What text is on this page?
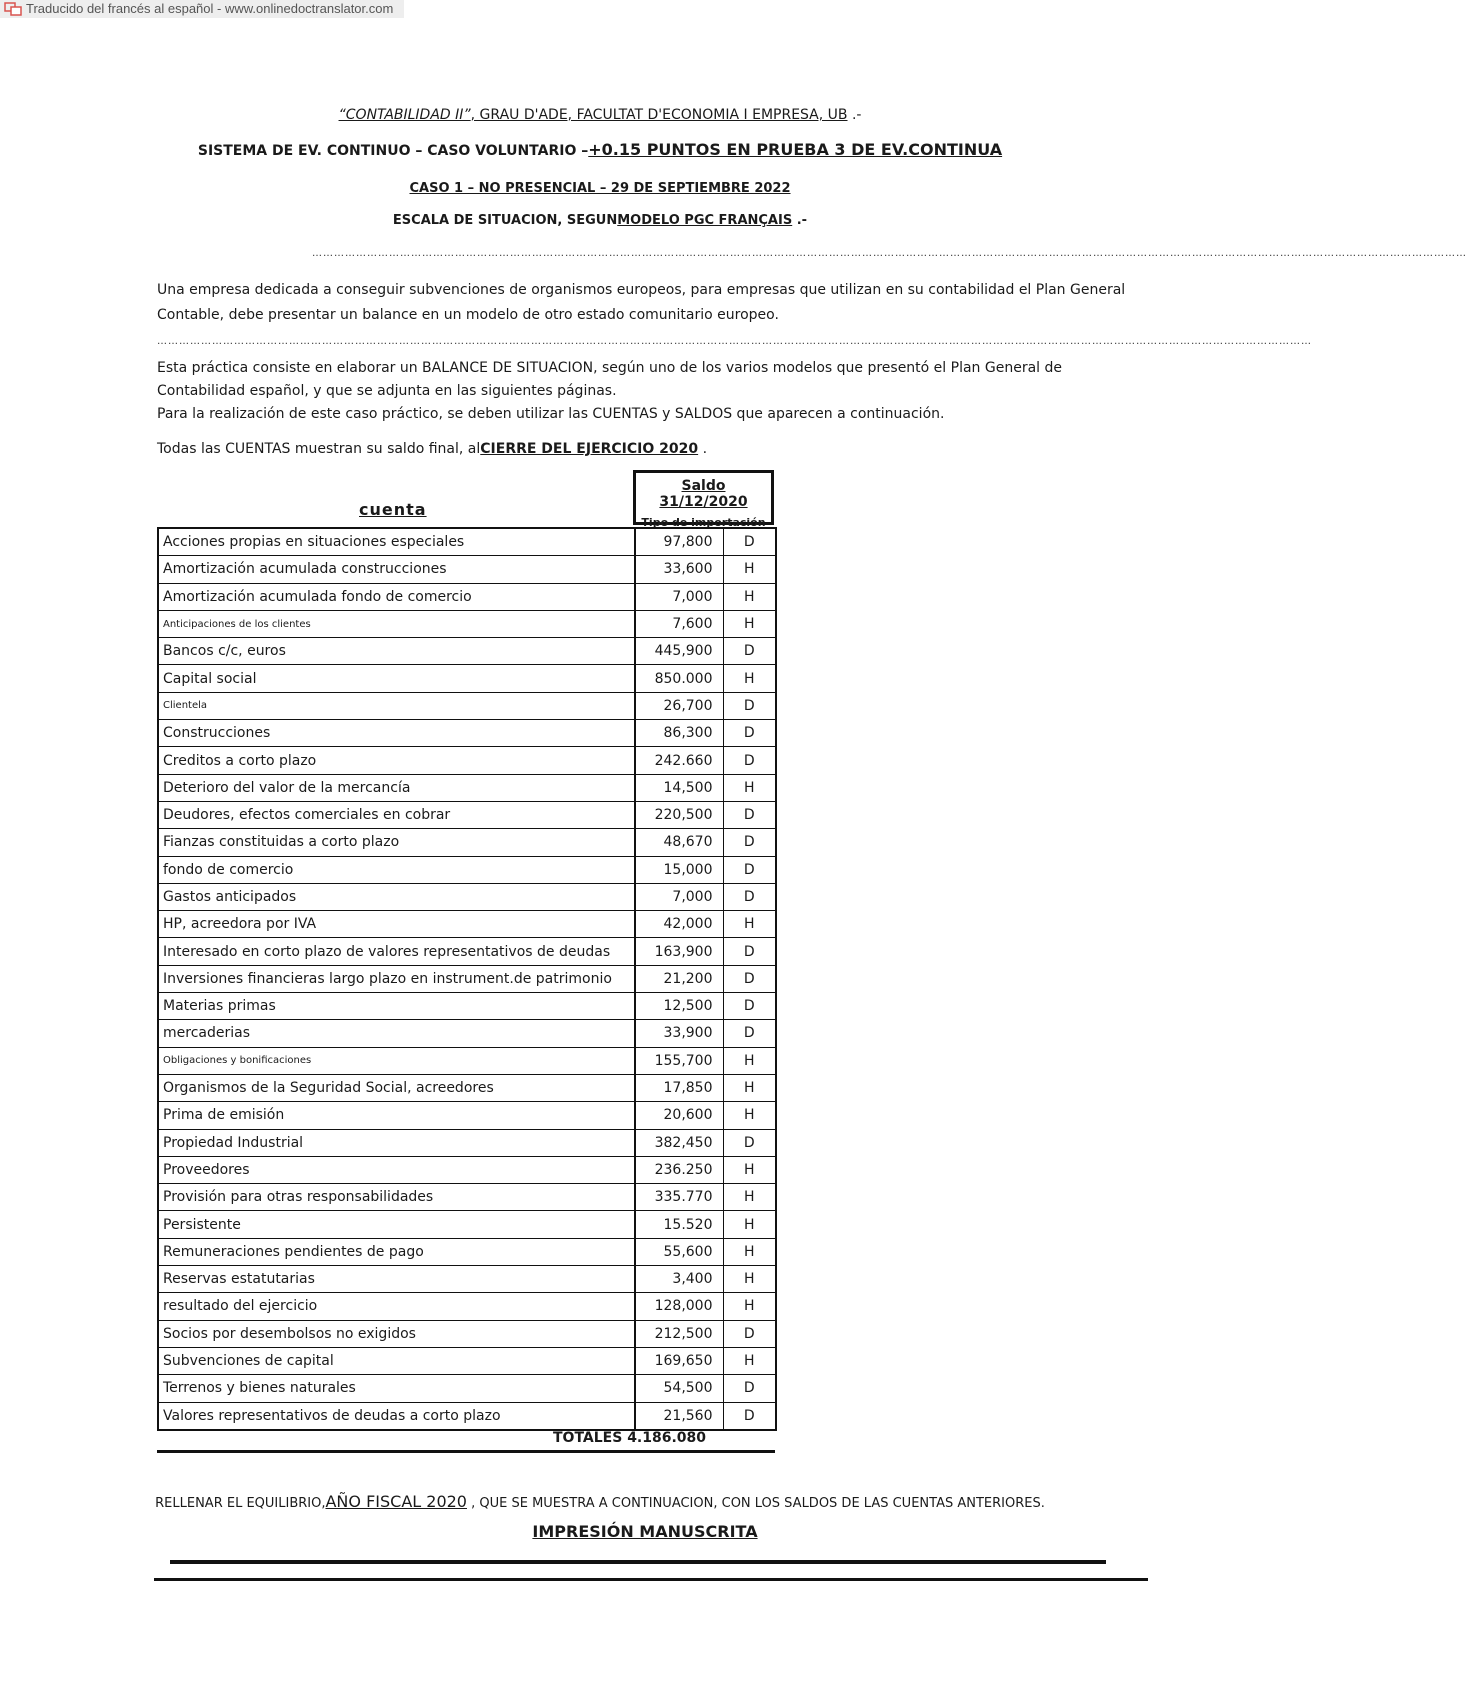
Traducido del francés al español - www.onlinedoctranslator.com
“CONTABILIDAD II”, GRAU D'ADE, FACULTAT D'ECONOMIA I EMPRESA, UB .-
SISTEMA DE EV. CONTINUO – CASO VOLUNTARIO –+0.15 PUNTOS EN PRUEBA 3 DE EV.CONTINUA
CASO 1 – NO PRESENCIAL – 29 DE SEPTIEMBRE 2022
ESCALA DE SITUACION, SEGUNMODELO PGC FRANÇAIS .-
………………………………………………………………………………………………………………………………………………………………………………………………………………………………………………………………………………………
Una empresa dedicada a conseguir subvenciones de organismos europeos, para empresas que utilizan en su contabilidad el Plan General Contable, debe presentar un balance en un modelo de otro estado comunitario europeo.
………………………………………………………………………………………………………………………………………………………………………………………………………………………………………………………………………………………
Esta práctica consiste en elaborar un BALANCE DE SITUACION, según uno de los varios modelos que presentó el Plan General de Contabilidad español, y que se adjunta en las siguientes páginas.
Para la realización de este caso práctico, se deben utilizar las CUENTAS y SALDOS que aparecen a continuación.
Todas las CUENTAS muestran su saldo final, alCIERRE DEL EJERCICIO 2020 .
Saldo 31/12/2020
Tipo de importación
cuenta
Acciones propias en situaciones especiales	97,800	D
Amortización acumulada construcciones	33,600	H
Amortización acumulada fondo de comercio	7,000	H
Anticipaciones de los clientes	7,600	H
Bancos c/c, euros	445,900	D
Capital social	850.000	H
Clientela	26,700	D
Construcciones	86,300	D
Creditos a corto plazo	242.660	D
Deterioro del valor de la mercancía	14,500	H
Deudores, efectos comerciales en cobrar	220,500	D
Fianzas constituidas a corto plazo	48,670	D
fondo de comercio	15,000	D
Gastos anticipados	7,000	D
HP, acreedora por IVA	42,000	H
Interesado en corto plazo de valores representativos de deudas	163,900	D
Inversiones financieras largo plazo en instrument.de patrimonio	21,200	D
Materias primas	12,500	D
mercaderias	33,900	D
Obligaciones y bonificaciones	155,700	H
Organismos de la Seguridad Social, acreedores	17,850	H
Prima de emisión	20,600	H
Propiedad Industrial	382,450	D
Proveedores	236.250	H
Provisión para otras responsabilidades	335.770	H
Persistente	15.520	H
Remuneraciones pendientes de pago	55,600	H
Reservas estatutarias	3,400	H
resultado del ejercicio	128,000	H
Socios por desembolsos no exigidos	212,500	D
Subvenciones de capital	169,650	H
Terrenos y bienes naturales	54,500	D
Valores representativos de deudas a corto plazo	21,560	D
TOTALES 4.186.080
RELLENAR EL EQUILIBRIO,AÑO FISCAL 2020 , QUE SE MUESTRA A CONTINUACION, CON LOS SALDOS DE LAS CUENTAS ANTERIORES.
IMPRESIÓN MANUSCRITA
